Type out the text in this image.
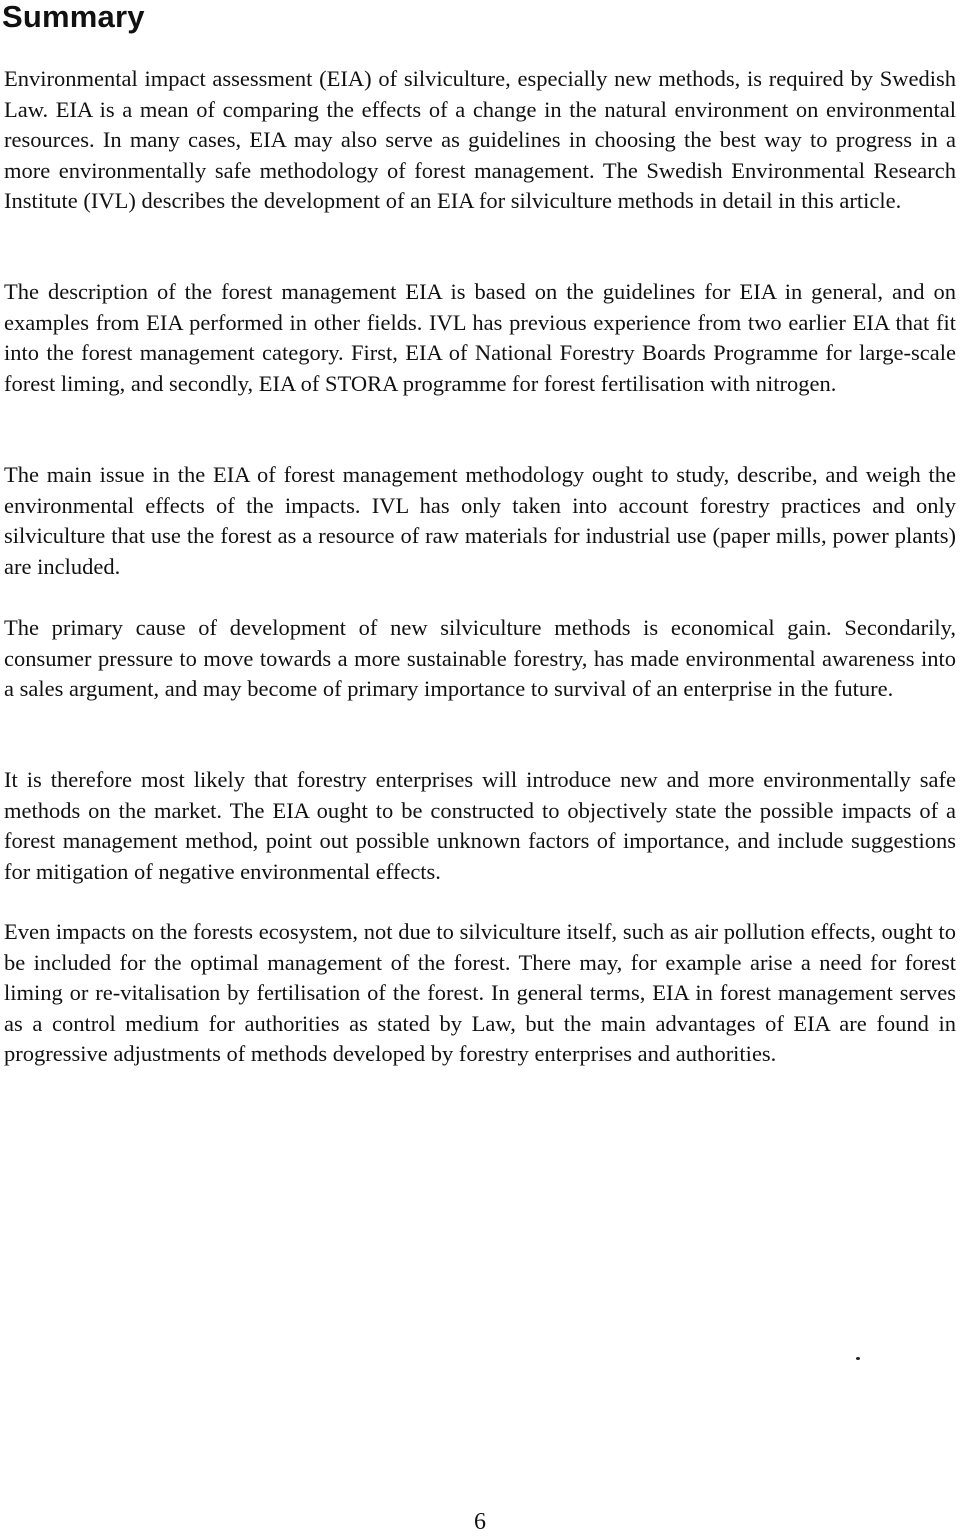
Summary

Environmental impact assessment (EIA) of silviculture, especially new methods, is required by Swedish Law. EIA is a mean of comparing the effects of a change in the natural environment on environmental resources. In many cases, EIA may also serve as guidelines in choosing the best way to progress in a more environmentally safe methodology of forest management. The Swedish Environmental Research Institute (IVL) describes the development of an EIA for silviculture methods in detail in this article.

The description of the forest management EIA is based on the guidelines for EIA in general, and on examples from EIA performed in other fields. IVL has previous experience from two earlier EIA that fit into the forest management category. First, EIA of National Forestry Boards Programme for large-scale forest liming, and secondly, EIA of STORA programme for forest fertilisation with nitrogen.

The main issue in the EIA of forest management methodology ought to study, describe, and weigh the environmental effects of the impacts. IVL has only taken into account forestry practices and only silviculture that use the forest as a resource of raw materials for industrial use (paper mills, power plants) are included.

The primary cause of development of new silviculture methods is economical gain. Secondarily, consumer pressure to move towards a more sustainable forestry, has made environmental awareness into a sales argument, and may become of primary importance to survival of an enterprise in the future.

It is therefore most likely that forestry enterprises will introduce new and more environmentally safe methods on the market. The EIA ought to be constructed to objectively state the possible impacts of a forest management method, point out possible unknown factors of importance, and include suggestions for mitigation of negative environmental effects.

Even impacts on the forests ecosystem, not due to silviculture itself, such as air pollution effects, ought to be included for the optimal management of the forest. There may, for example arise a need for forest liming or re-vitalisation by fertilisation of the forest. In general terms, EIA in forest management serves as a control medium for authorities as stated by Law, but the main advantages of EIA are found in progressive adjustments of methods developed by forestry enterprises and authorities.

6
